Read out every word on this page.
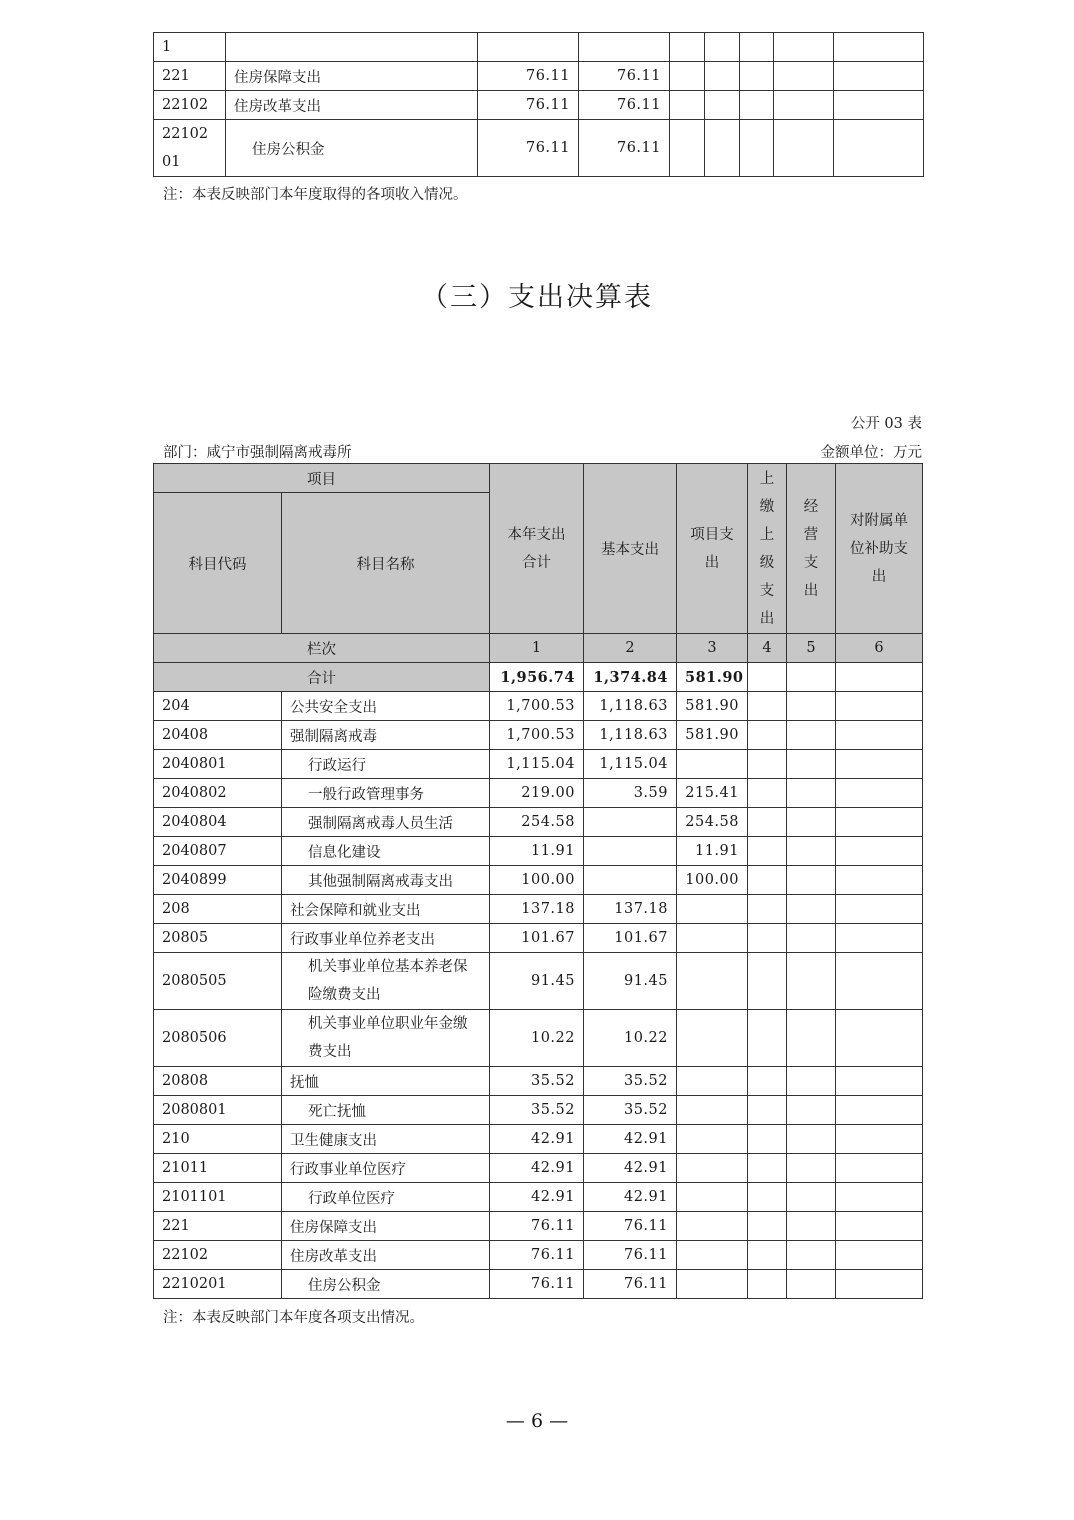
1								
221	住房保障支出	76.11	76.11					
22102	住房改革支出	76.11	76.11					
2210201	住房公积金	76.11	76.11					
注：本表反映部门本年度取得的各项收入情况。
（三）支出决算表
公开 03 表
部门：咸宁市强制隔离戒毒所	金额单位：万元
项目		本年支出合计	基本支出	项目支出	上缴上级支出	经营支出	对附属单位补助支出
科目代码	科目名称						
栏次		1	2	3	4	5	6
合计		1,956.74	1,374.84	581.90			
204	公共安全支出	1,700.53	1,118.63	581.90			
20408	强制隔离戒毒	1,700.53	1,118.63	581.90			
2040801	行政运行	1,115.04	1,115.04				
2040802	一般行政管理事务	219.00	3.59	215.41			
2040804	强制隔离戒毒人员生活	254.58		254.58			
2040807	信息化建设	11.91		11.91			
2040899	其他强制隔离戒毒支出	100.00		100.00			
208	社会保障和就业支出	137.18	137.18				
20805	行政事业单位养老支出	101.67	101.67				
2080505	机关事业单位基本养老保险缴费支出	91.45	91.45				
2080506	机关事业单位职业年金缴费支出	10.22	10.22				
20808	抚恤	35.52	35.52				
2080801	死亡抚恤	35.52	35.52				
210	卫生健康支出	42.91	42.91				
21011	行政事业单位医疗	42.91	42.91				
2101101	行政单位医疗	42.91	42.91				
221	住房保障支出	76.11	76.11				
22102	住房改革支出	76.11	76.11				
2210201	住房公积金	76.11	76.11				
注：本表反映部门本年度各项支出情况。
— 6 —
